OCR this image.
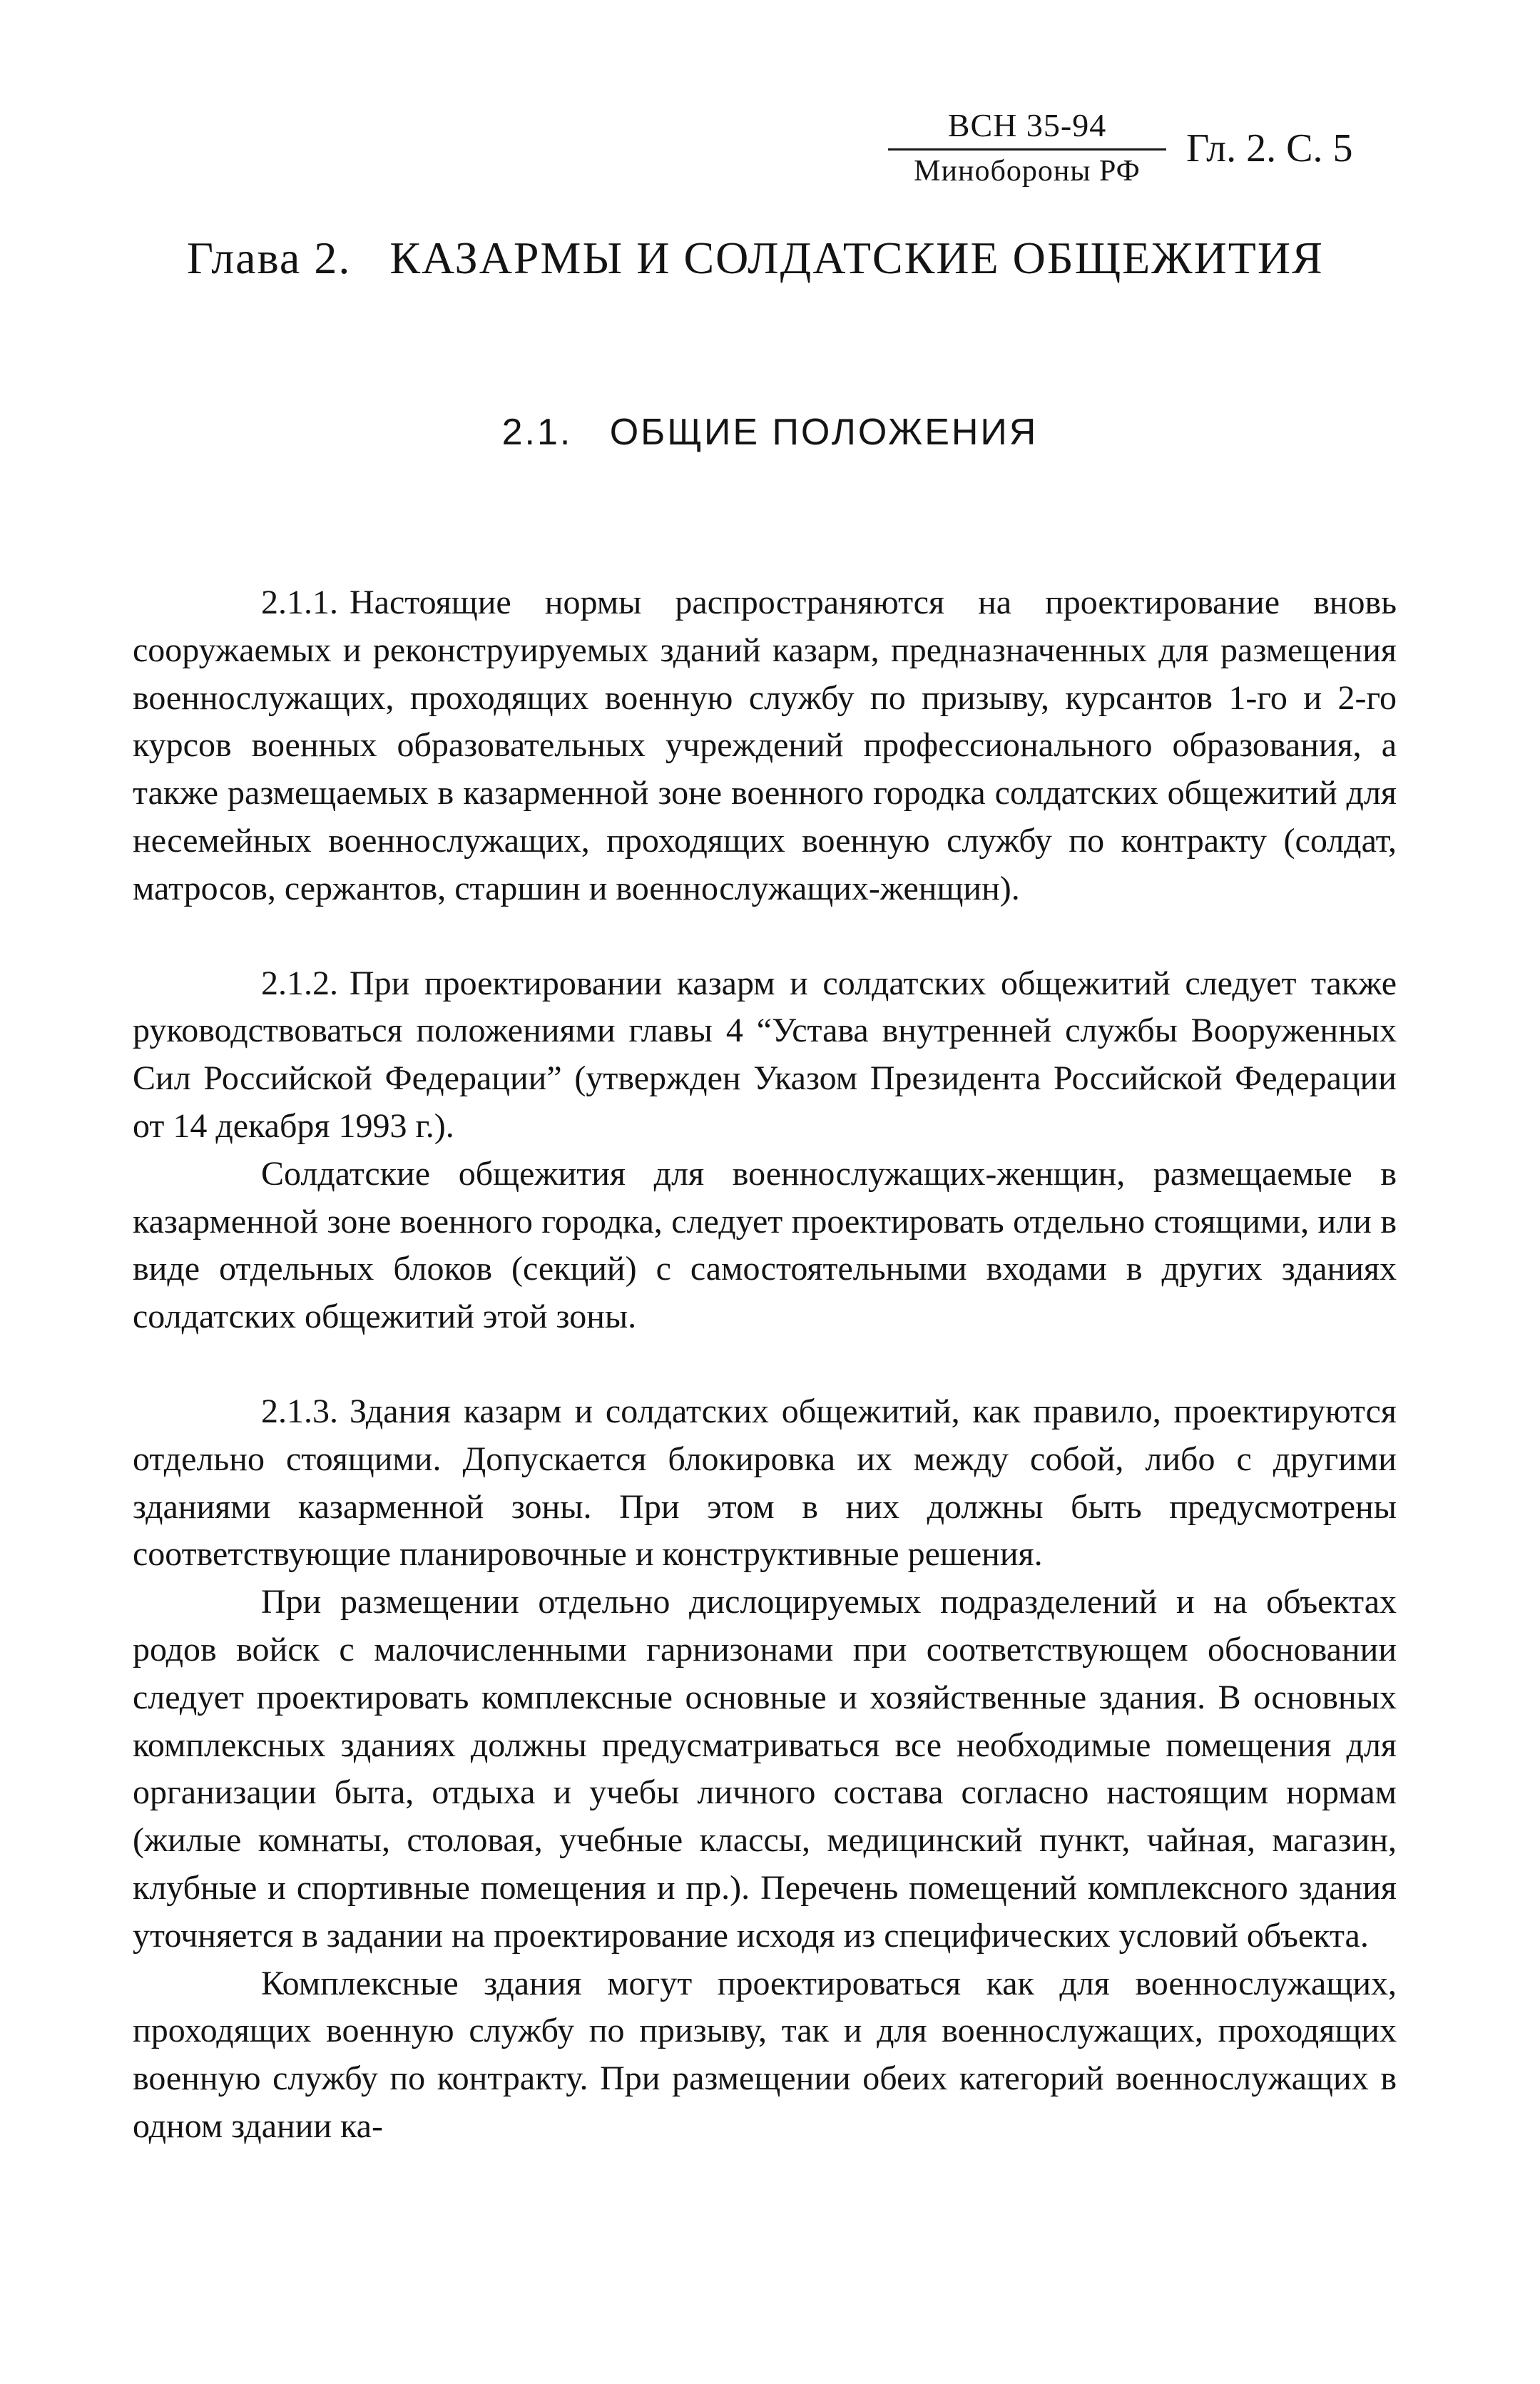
ВСН 35-94
Минобороны РФ
Гл. 2. С. 5
Глава 2. КАЗАРМЫ И СОЛДАТСКИЕ ОБЩЕЖИТИЯ
2.1. ОБЩИЕ ПОЛОЖЕНИЯ

2.1.1. Настоящие нормы распространяются на проектирование вновь сооружаемых и реконструируемых зданий казарм, предназначенных для размещения военнослужащих, проходящих военную службу по призыву, курсантов 1-го и 2-го курсов военных образовательных учреждений профессионального образования, а также размещаемых в казарменной зоне военного городка солдатских общежитий для несемейных военнослужащих, проходящих военную службу по контракту (солдат, матросов, сержантов, старшин и военнослужащих-женщин).

2.1.2. При проектировании казарм и солдатских общежитий следует также руководствоваться положениями главы 4 “Устава внутренней службы Вооруженных Сил Российской Федерации” (утвержден Указом Президента Российской Федерации от 14 декабря 1993 г.).

Солдатские общежития для военнослужащих-женщин, размещаемые в казарменной зоне военного городка, следует проектировать отдельно стоящими, или в виде отдельных блоков (секций) с самостоятельными входами в других зданиях солдатских общежитий этой зоны.

2.1.3. Здания казарм и солдатских общежитий, как правило, проектируются отдельно стоящими. Допускается блокировка их между собой, либо с другими зданиями казарменной зоны. При этом в них должны быть предусмотрены соответствующие планировочные и конструктивные решения.

При размещении отдельно дислоцируемых подразделений и на объектах родов войск с малочисленными гарнизонами при соответствующем обосновании следует проектировать комплексные основные и хозяйственные здания. В основных комплексных зданиях должны предусматриваться все необходимые помещения для организации быта, отдыха и учебы личного состава согласно настоящим нормам (жилые комнаты, столовая, учебные классы, медицинский пункт, чайная, магазин, клубные и спортивные помещения и пр.). Перечень помещений комплексного здания уточняется в задании на проектирование исходя из специфических условий объекта.

Комплексные здания могут проектироваться как для военнослужащих, проходящих военную службу по призыву, так и для военнослужащих, проходящих военную службу по контракту. При размещении обеих категорий военнослужащих в одном здании ка-
